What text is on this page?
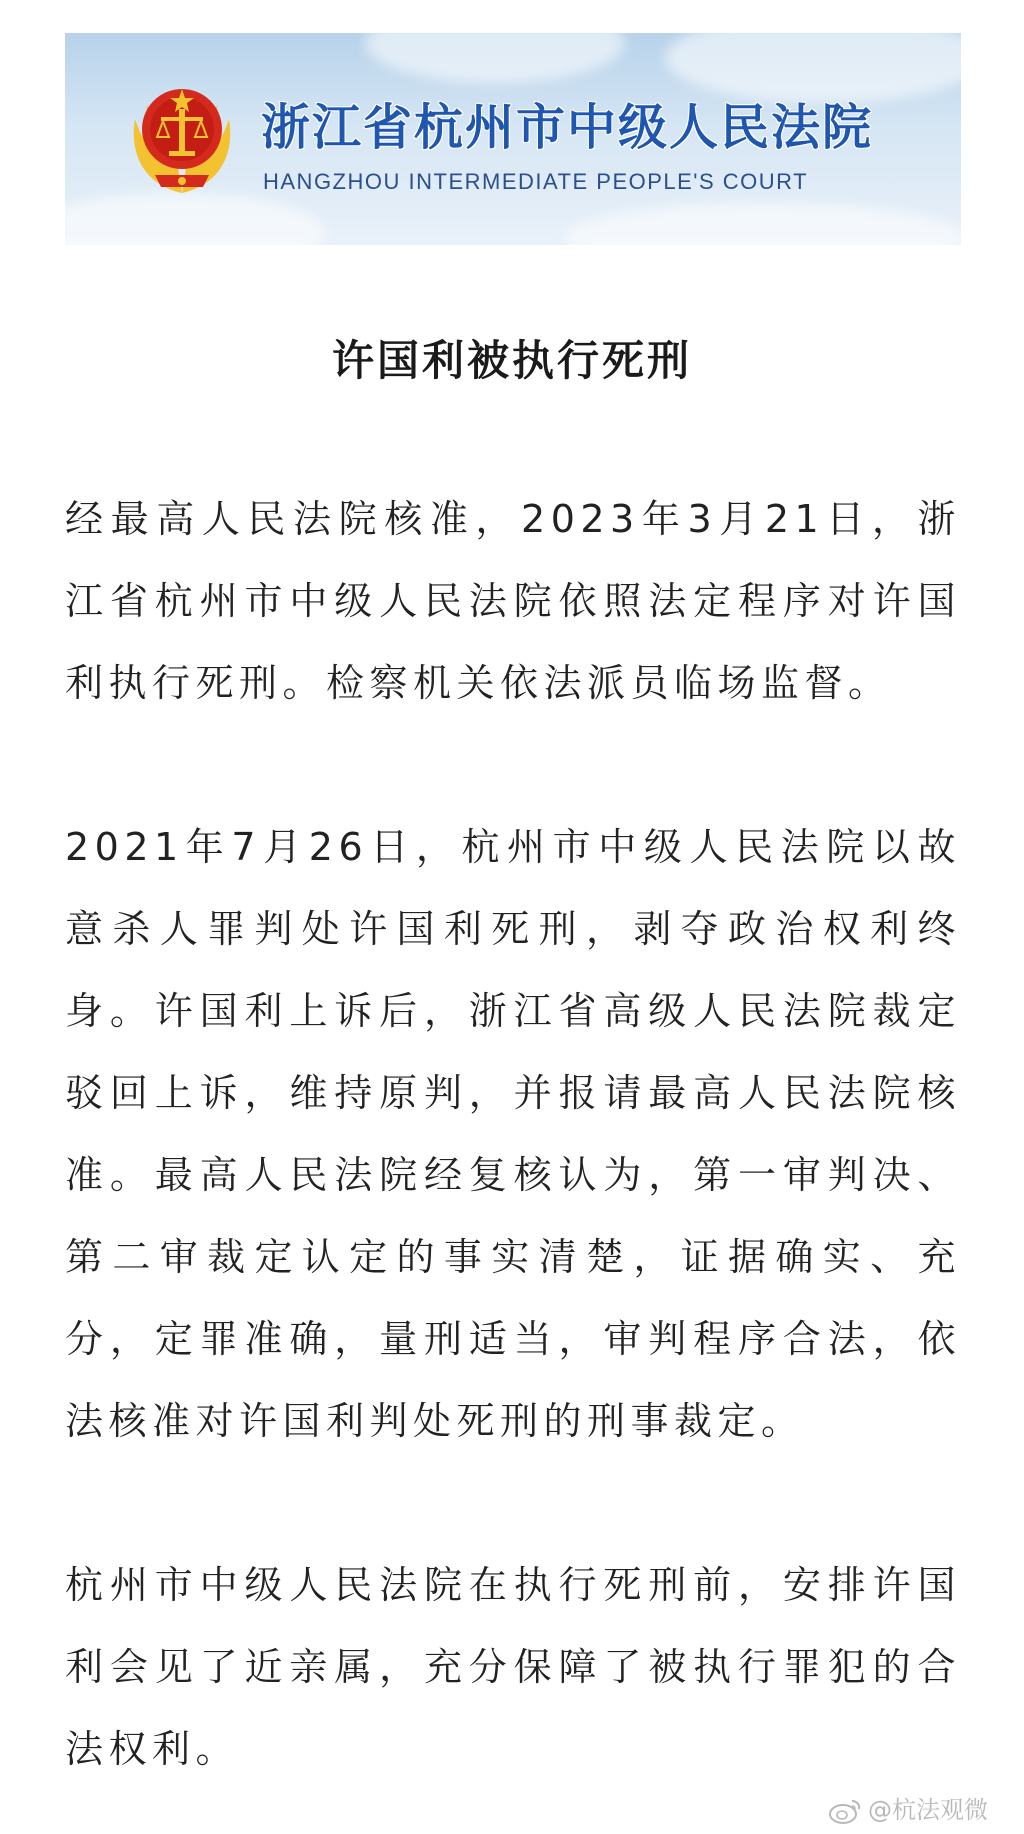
浙江省杭州市中级人民法院
HANGZHOU INTERMEDIATE PEOPLE'S COURT
许国利被执行死刑

经最高人民法院核准，2023年3月21日，浙江省杭州市中级人民法院依照法定程序对许国利执行死刑。检察机关依法派员临场监督。

2021年7月26日，杭州市中级人民法院以故意杀人罪判处许国利死刑，剥夺政治权利终身。许国利上诉后，浙江省高级人民法院裁定驳回上诉，维持原判，并报请最高人民法院核准。最高人民法院经复核认为，第一审判决、第二审裁定认定的事实清楚，证据确实、充分，定罪准确，量刑适当，审判程序合法，依法核准对许国利判处死刑的刑事裁定。

杭州市中级人民法院在执行死刑前，安排许国利会见了近亲属，充分保障了被执行罪犯的合法权利。

@杭法观微
